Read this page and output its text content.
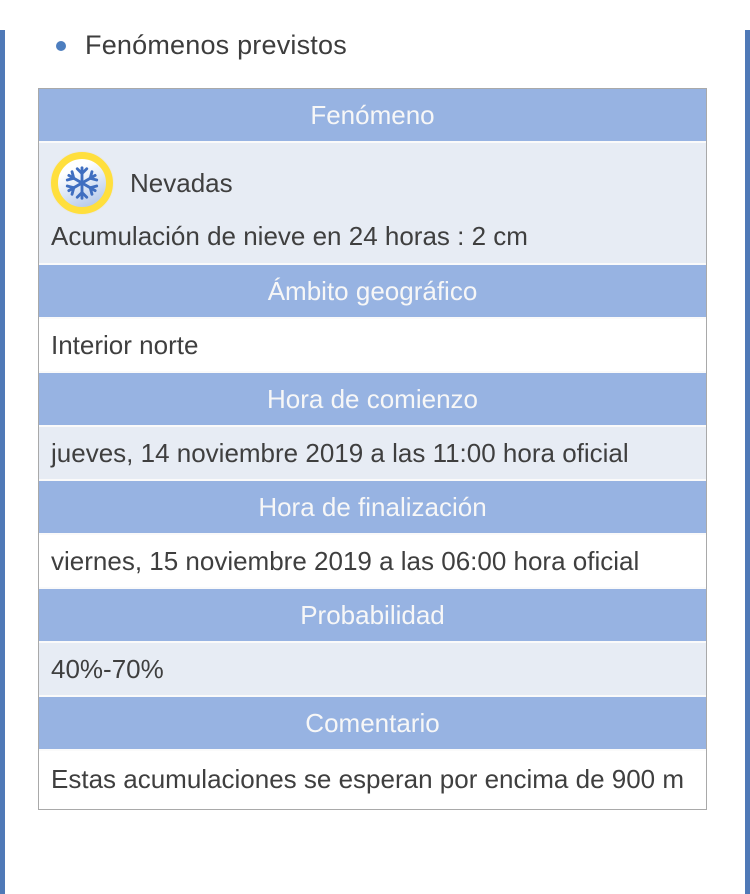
Fenómenos previstos
Fenómeno
Nevadas
Acumulación de nieve en 24 horas : 2 cm
Ámbito geográfico
Interior norte
Hora de comienzo
jueves, 14 noviembre 2019 a las 11:00 hora oficial
Hora de finalización
viernes, 15 noviembre 2019 a las 06:00 hora oficial
Probabilidad
40%-70%
Comentario
Estas acumulaciones se esperan por encima de 900 m
